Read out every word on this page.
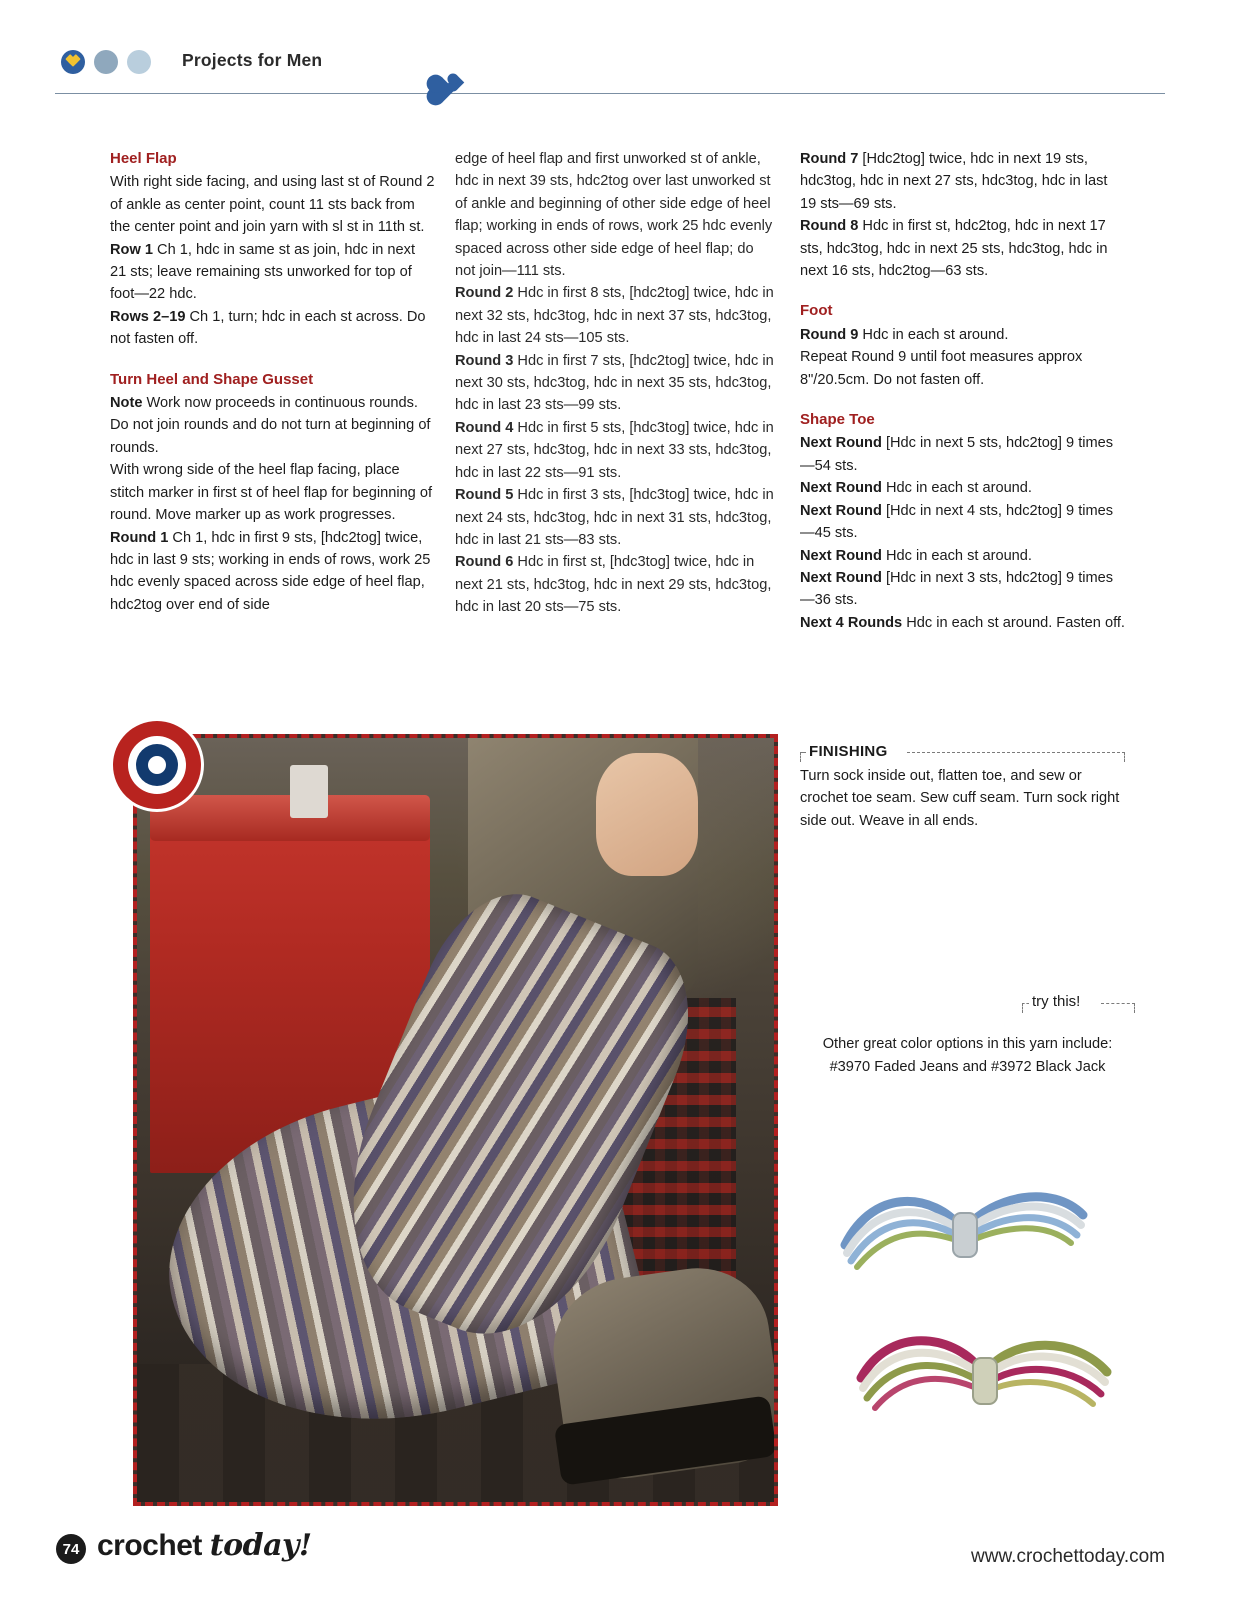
Projects for Men
Heel Flap

With right side facing, and using last st of Round 2 of ankle as center point, count 11 sts back from the center point and join yarn with sl st in 11th st.

Row 1 Ch 1, hdc in same st as join, hdc in next 21 sts; leave remaining sts unworked for top of foot—22 hdc.

Rows 2–19 Ch 1, turn; hdc in each st across. Do not fasten off.

Turn Heel and Shape Gusset

Note Work now proceeds in continuous rounds. Do not join rounds and do not turn at beginning of rounds.

With wrong side of the heel flap facing, place stitch marker in first st of heel flap for beginning of round. Move marker up as work progresses.

Round 1 Ch 1, hdc in first 9 sts, [hdc2tog] twice, hdc in last 9 sts; working in ends of rows, work 25 hdc evenly spaced across side edge of heel flap, hdc2tog over end of side

edge of heel flap and first unworked st of ankle, hdc in next 39 sts, hdc2tog over last unworked st of ankle and beginning of other side edge of heel flap; working in ends of rows, work 25 hdc evenly spaced across other side edge of heel flap; do not join—111 sts.

Round 2 Hdc in first 8 sts, [hdc2tog] twice, hdc in next 32 sts, hdc3tog, hdc in next 37 sts, hdc3tog, hdc in last 24 sts—105 sts.

Round 3 Hdc in first 7 sts, [hdc2tog] twice, hdc in next 30 sts, hdc3tog, hdc in next 35 sts, hdc3tog, hdc in last 23 sts—99 sts.

Round 4 Hdc in first 5 sts, [hdc3tog] twice, hdc in next 27 sts, hdc3tog, hdc in next 33 sts, hdc3tog, hdc in last 22 sts—91 sts.

Round 5 Hdc in first 3 sts, [hdc3tog] twice, hdc in next 24 sts, hdc3tog, hdc in next 31 sts, hdc3tog, hdc in last 21 sts—83 sts.

Round 6 Hdc in first st, [hdc3tog] twice, hdc in next 21 sts, hdc3tog, hdc in next 29 sts, hdc3tog, hdc in last 20 sts—75 sts.

Round 7 [Hdc2tog] twice, hdc in next 19 sts, hdc3tog, hdc in next 27 sts, hdc3tog, hdc in last 19 sts—69 sts.

Round 8 Hdc in first st, hdc2tog, hdc in next 17 sts, hdc3tog, hdc in next 25 sts, hdc3tog, hdc in next 16 sts, hdc2tog—63 sts.

Foot

Round 9 Hdc in each st around.

Repeat Round 9 until foot measures approx 8"/20.5cm. Do not fasten off.

Shape Toe

Next Round [Hdc in next 5 sts, hdc2tog] 9 times—54 sts.

Next Round Hdc in each st around.

Next Round [Hdc in next 4 sts, hdc2tog] 9 times—45 sts.

Next Round Hdc in each st around.

Next Round [Hdc in next 3 sts, hdc2tog] 9 times—36 sts.

Next 4 Rounds Hdc in each st around. Fasten off.

FINISHING
Turn sock inside out, flatten toe, and sew or crochet toe seam. Sew cuff seam. Turn sock right side out. Weave in all ends.
try this!
Other great color options in this yarn include:
#3970 Faded Jeans and #3972 Black Jack
74 crochet today!	www.crochettoday.com
